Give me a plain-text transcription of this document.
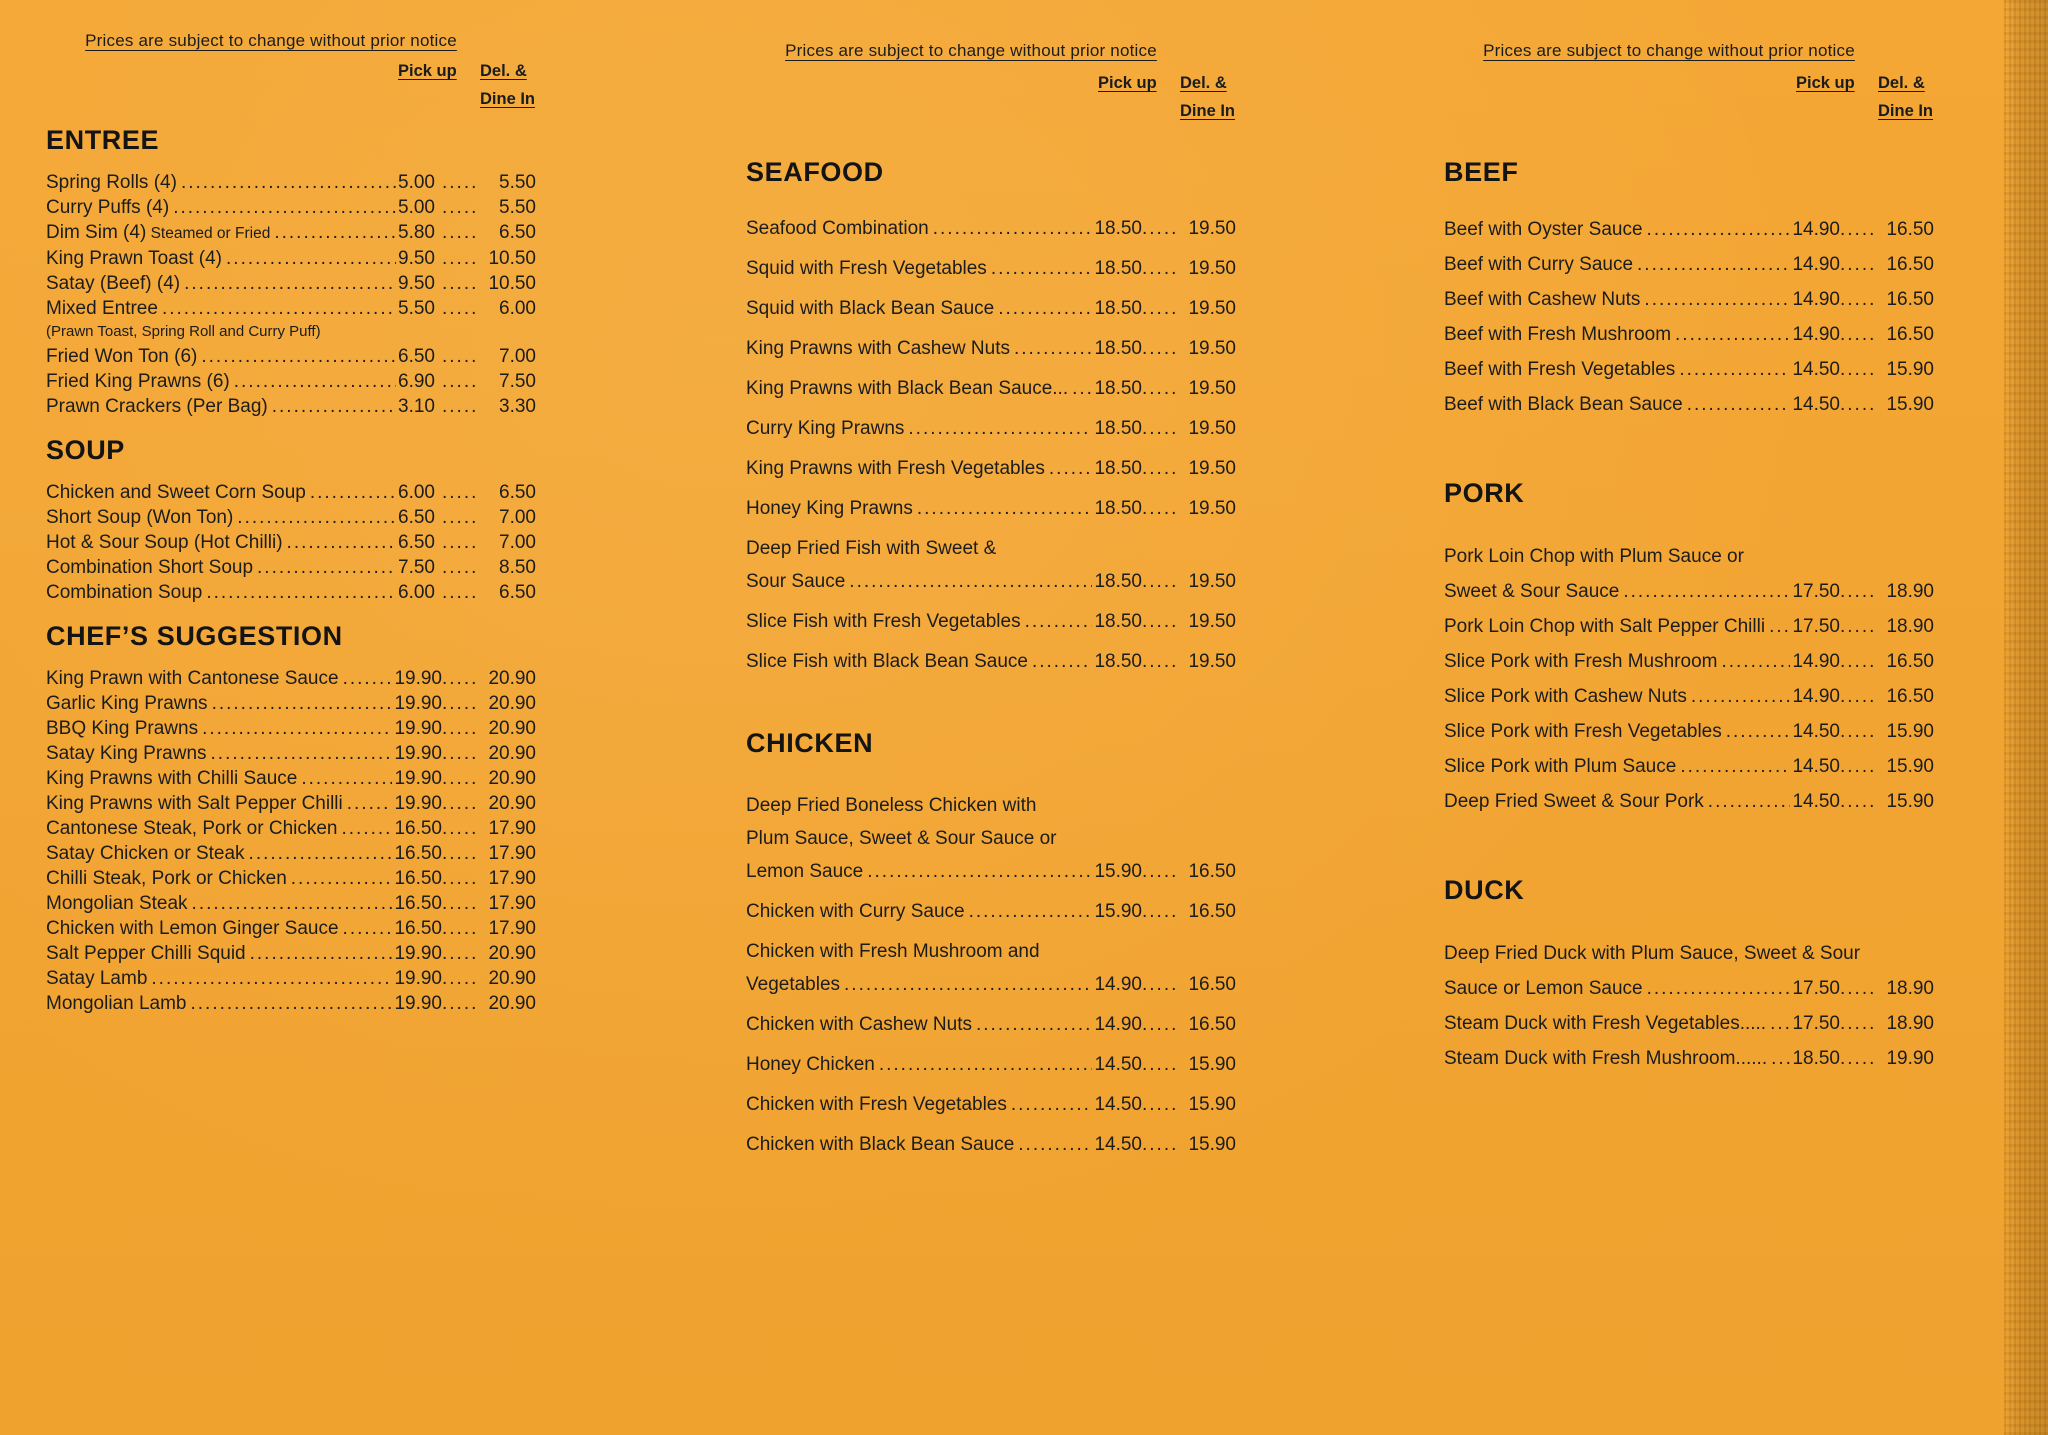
Prices are subject to change without prior notice
Pick up	Del. &
Dine In
ENTREE
Spring Rolls (4) .....	5.00 .....	5.50
Curry Puffs (4) .....	5.00 .....	5.50
Dim Sim (4) Steamed or Fried .....	5.80 .....	6.50
King Prawn Toast (4) .....	9.50 .....	10.50
Satay (Beef) (4) .....	9.50 .....	10.50
Mixed Entree .....	5.50 .....	6.00
(Prawn Toast, Spring Roll and Curry Puff)
Fried Won Ton (6) .....	6.50 .....	7.00
Fried King Prawns (6) .....	6.90 .....	7.50
Prawn Crackers (Per Bag) .....	3.10 .....	3.30
SOUP
Chicken and Sweet Corn Soup .....	6.00 .....	6.50
Short Soup (Won Ton) .....	6.50 .....	7.00
Hot & Sour Soup (Hot Chilli) .....	6.50 .....	7.00
Combination Short Soup .....	7.50 .....	8.50
Combination Soup .....	6.00 .....	6.50
CHEF’S SUGGESTION
King Prawn with Cantonese Sauce .....	19.90 .....	20.90
Garlic King Prawns .....	19.90 .....	20.90
BBQ King Prawns .....	19.90 .....	20.90
Satay King Prawns .....	19.90 .....	20.90
King Prawns with Chilli Sauce .....	19.90 .....	20.90
King Prawns with Salt Pepper Chilli .....	19.90 .....	20.90
Cantonese Steak, Pork or Chicken .....	16.50 .....	17.90
Satay Chicken or Steak .....	16.50 .....	17.90
Chilli Steak, Pork or Chicken .....	16.50 .....	17.90
Mongolian Steak .....	16.50 .....	17.90
Chicken with Lemon Ginger Sauce .....	16.50 .....	17.90
Salt Pepper Chilli Squid .....	19.90 .....	20.90
Satay Lamb .....	19.90 .....	20.90
Mongolian Lamb .....	19.90 .....	20.90
Prices are subject to change without prior notice
Pick up	Del. &
Dine In
SEAFOOD
Seafood Combination .....	18.50 .....	19.50
Squid with Fresh Vegetables .....	18.50 .....	19.50
Squid with Black Bean Sauce .....	18.50 .....	19.50
King Prawns with Cashew Nuts .....	18.50 .....	19.50
King Prawns with Black Bean Sauce... ..... 18.50 .....	19.50
Curry King Prawns .....	18.50 .....	19.50
King Prawns with Fresh Vegetables .....	18.50 .....	19.50
Honey King Prawns .....	18.50 .....	19.50
Deep Fried Fish with Sweet &
Sour Sauce .....	18.50 .....	19.50
Slice Fish with Fresh Vegetables .....	18.50 .....	19.50
Slice Fish with Black Bean Sauce .....	18.50 .....	19.50
CHICKEN
Deep Fried Boneless Chicken with
Plum Sauce, Sweet & Sour Sauce or
Lemon Sauce .....	15.90 .....	16.50
Chicken with Curry Sauce .....	15.90 .....	16.50
Chicken with Fresh Mushroom and
Vegetables .....	14.90 .....	16.50
Chicken with Cashew Nuts .....	14.90 .....	16.50
Honey Chicken .....	14.50 .....	15.90
Chicken with Fresh Vegetables .....	14.50 .....	15.90
Chicken with Black Bean Sauce .....	14.50 .....	15.90
Prices are subject to change without prior notice
Pick up	Del. &
Dine In
BEEF
Beef with Oyster Sauce .....	14.90 .....	16.50
Beef with Curry Sauce .....	14.90 .....	16.50
Beef with Cashew Nuts .....	14.90 .....	16.50
Beef with Fresh Mushroom .....	14.90 .....	16.50
Beef with Fresh Vegetables .....	14.50 .....	15.90
Beef with Black Bean Sauce .....	14.50 .....	15.90
PORK
Pork Loin Chop with Plum Sauce or
Sweet & Sour Sauce .....	17.50 .....	18.90
Pork Loin Chop with Salt Pepper Chilli ..... 17.50 .....	18.90
Slice Pork with Fresh Mushroom .....	14.90 .....	16.50
Slice Pork with Cashew Nuts .....	14.90 .....	16.50
Slice Pork with Fresh Vegetables .....	14.50 .....	15.90
Slice Pork with Plum Sauce .....	14.50 .....	15.90
Deep Fried Sweet & Sour Pork .....	14.50 .....	15.90
DUCK
Deep Fried Duck with Plum Sauce, Sweet & Sour
Sauce or Lemon Sauce .....	17.50 .....	18.90
Steam Duck with Fresh Vegetables..... ..... 17.50 .....	18.90
Steam Duck with Fresh Mushroom...... ..... 18.50 .....	19.90
